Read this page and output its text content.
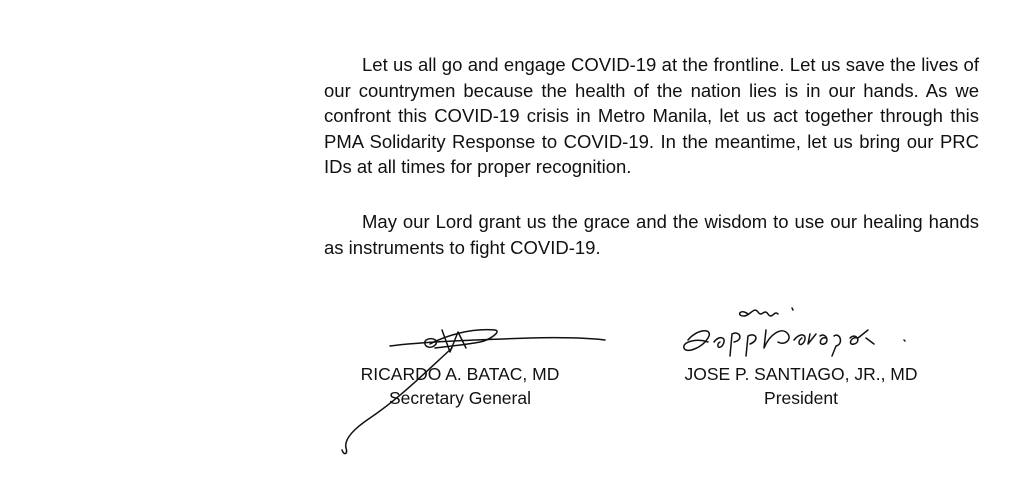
Let us all go and engage COVID-19 at the frontline. Let us save the lives of our countrymen because the health of the nation lies is in our hands. As we confront this COVID-19 crisis in Metro Manila, let us act together through this PMA Solidarity Response to COVID-19. In the meantime, let us bring our PRC IDs at all times for proper recognition.

May our Lord grant us the grace and the wisdom to use our healing hands as instruments to fight COVID-19.

RICARDO A. BATAC, MD
Secretary General
JOSE P. SANTIAGO, JR., MD
President
